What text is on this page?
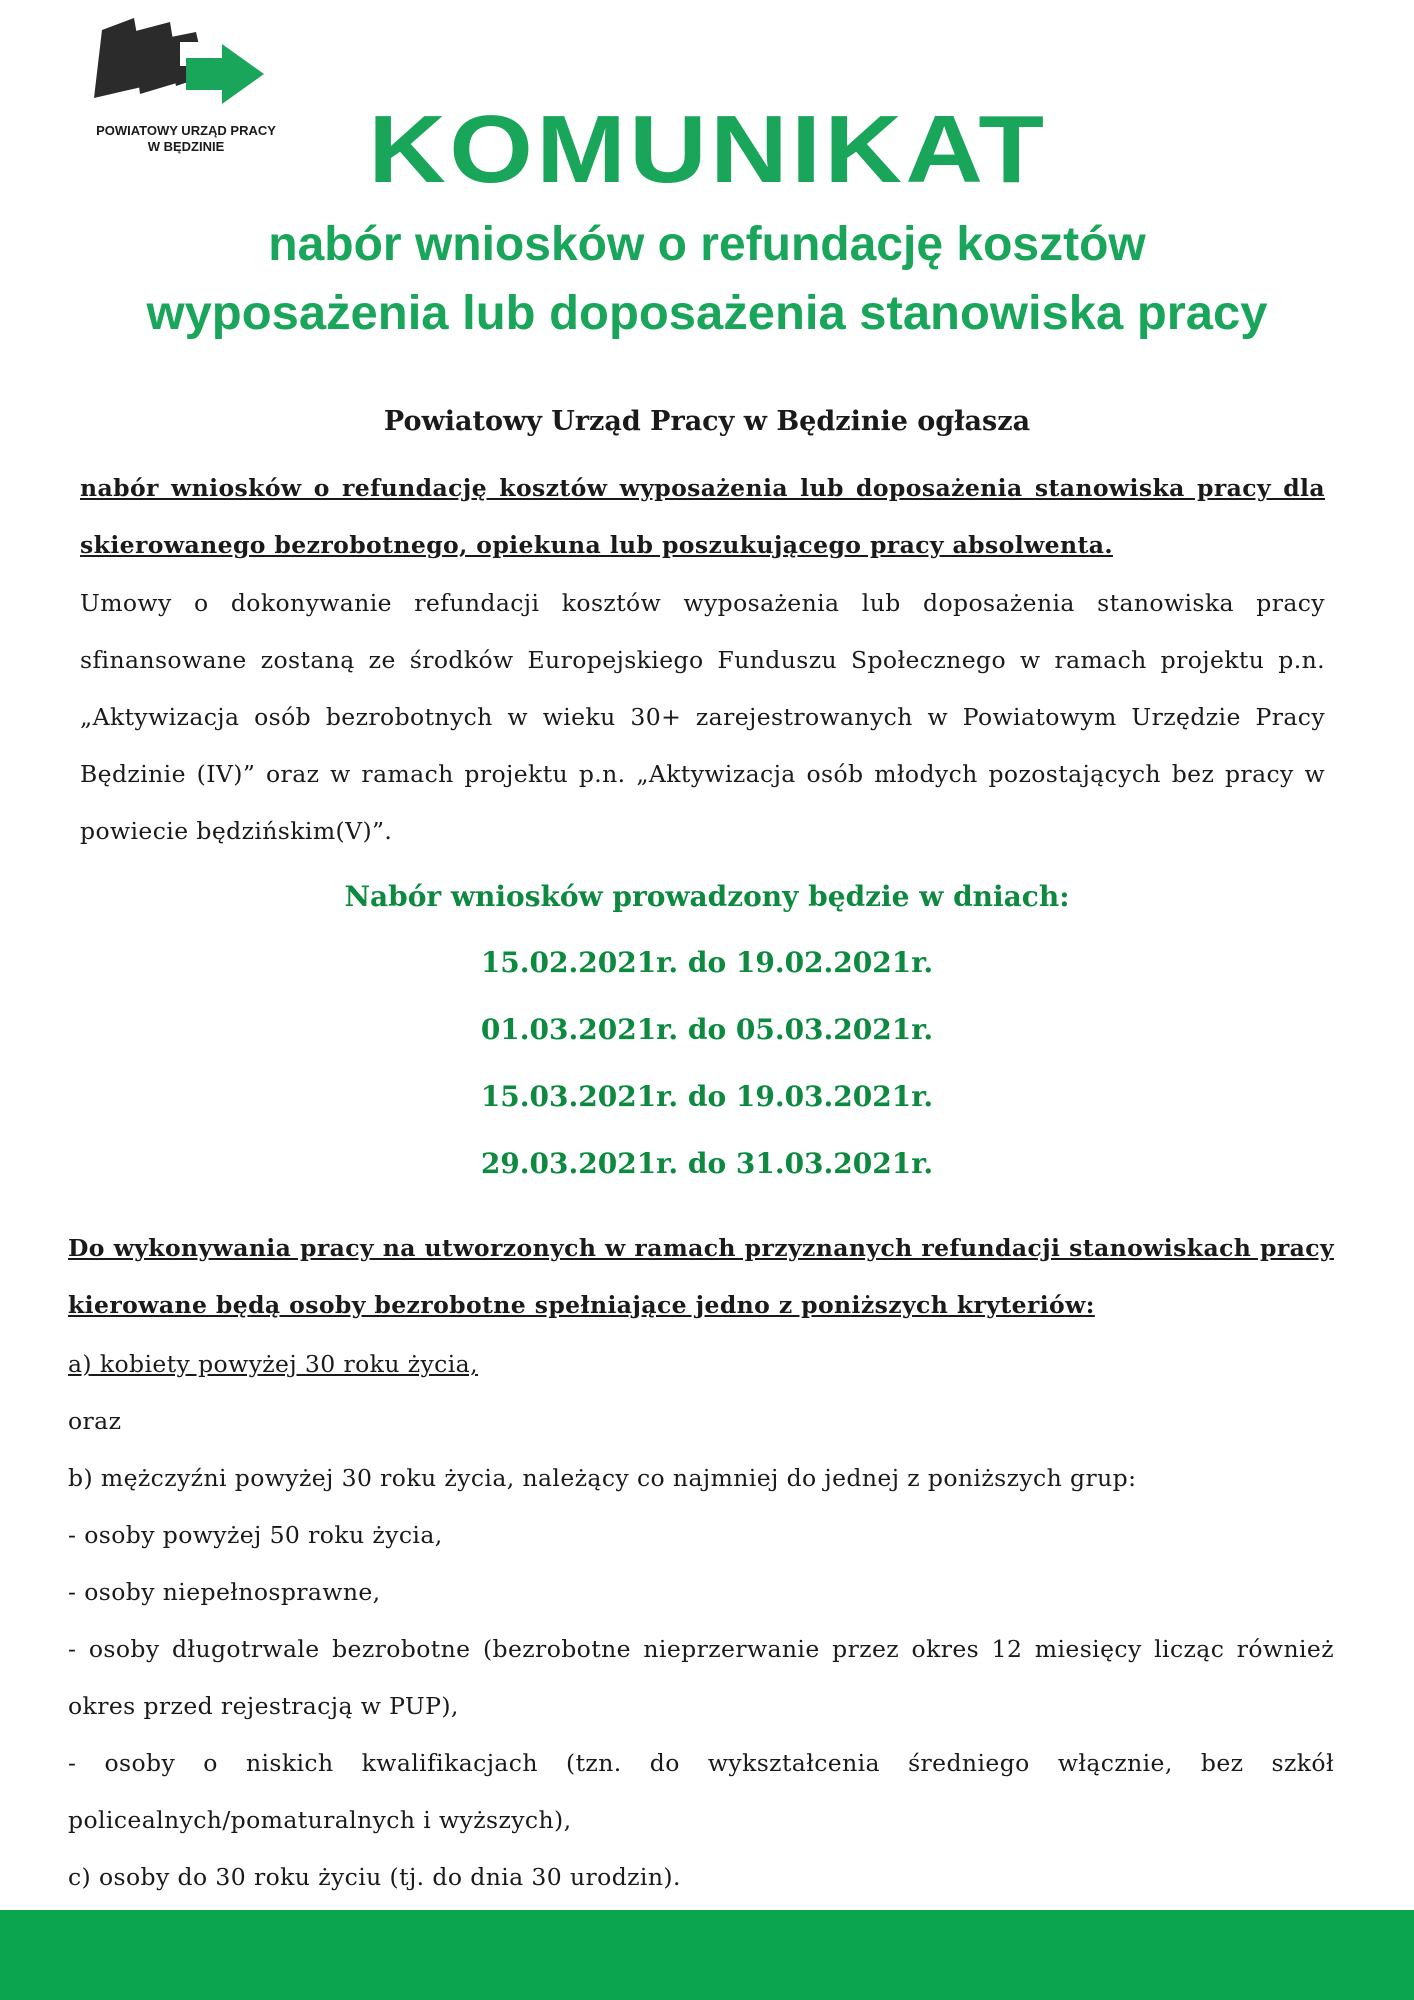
POWIATOWY URZĄD PRACY
W BĘDZINIE	KOMUNIKAT
nabór wniosków o refundację kosztów
wyposażenia lub doposażenia stanowiska pracy
Powiatowy Urząd Pracy w Będzinie ogłasza
nabór wniosków o refundację kosztów wyposażenia lub doposażenia stanowiska pracy dla skierowanego bezrobotnego, opiekuna lub poszukującego pracy absolwenta.
Umowy o dokonywanie refundacji kosztów wyposażenia lub doposażenia stanowiska pracy sfinansowane zostaną ze środków Europejskiego Funduszu Społecznego w ramach projektu p.n. „Aktywizacja osób bezrobotnych w wieku 30+ zarejestrowanych w Powiatowym Urzędzie Pracy Będzinie (IV)” oraz w ramach projektu p.n. „Aktywizacja osób młodych pozostających bez pracy w powiecie będzińskim(V)”.
Nabór wniosków prowadzony będzie w dniach:
15.02.2021r. do 19.02.2021r.
01.03.2021r. do 05.03.2021r.
15.03.2021r. do 19.03.2021r.
29.03.2021r. do 31.03.2021r.
Do wykonywania pracy na utworzonych w ramach przyznanych refundacji stanowiskach pracy kierowane będą osoby bezrobotne spełniające jedno z poniższych kryteriów:
a) kobiety powyżej 30 roku życia,
oraz
b) mężczyźni powyżej 30 roku życia, należący co najmniej do jednej z poniższych grup:
- osoby powyżej 50 roku życia,
- osoby niepełnosprawne,
- osoby długotrwale bezrobotne (bezrobotne nieprzerwanie przez okres 12 miesięcy licząc również okres przed rejestracją w PUP),
- osoby o niskich kwalifikacjach (tzn. do wykształcenia średniego włącznie, bez szkół policealnych/pomaturalnych i wyższych),
c) osoby do 30 roku życiu (tj. do dnia 30 urodzin).
